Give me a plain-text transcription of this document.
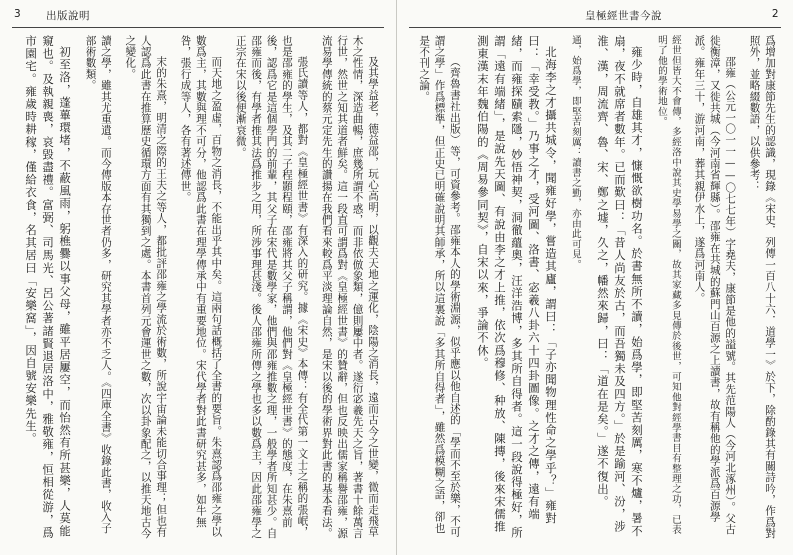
3 出版說明

及其學益老，德益邵，玩心高明，以觀夫天地之運化，陰陽之消長，遠而古今之世變，微而走飛草木之性情，深造曲暢，庶幾所謂不惑，而非依倣象類，億則屢中者。遂衍宓羲先天之旨，著書十餘萬言行世，然世之知其道者鮮矣。這一段直可謂爲對《皇極經世書》的贊辭，但也反映出儒家稱譽邵雍，源流易學傳統的蔡元定先生的讚揚在我們看來較爲平淡理論自然，是宋以後的學術界對此書的基本看法。

張氏讀等人，都對《皇極經世書》有深入的研究。據《宋史》本傳：有全代第一文士之稱的張岷，也是邵雍的學生，及其二子程顥程頤，邵雍將其父子稱謂，他們對《皇極經世書》的態度，在朱熹前後，認爲它是這個學門的前輩，其父子在宋代是數學家，他們與邵雍推數之理，一般學者所知甚少。自邵雍而後，有學者推其法爲推步之用，所涉事理甚淺。後人邵雍所傳之學也多以數爲主，因此邵雍學之正宗在宋以後便漸衰微。

而天地之盈虛，百物之消長，不能出乎其中矣。這兩句話概括了全書的要旨。朱熹認爲邵雍之學以數爲主，其數與理不可分，他認爲此書在理學傳承中有重要地位。宋代學者對此書研究甚多，如牛無咎，張行成等人，各有著述傳世。

末的朱熹，明清之際的王夫之等人，都批評邵雍之學流於術數，所說宇宙論未能切合事理；但也有人認爲此書在推算歷史循環方面有其獨到之處。本書首列元會運世之數，次以卦象配之，以推天地古今之變化。

讀之學，雖其尤重遺。而今傳版本存世者仍多，研究其學者亦不乏人。《四庫全書》收錄此書，收入子部術數類。

初至洛，蓬蓽環堵，不蔽風雨，躬樵爨以事父母，雖平居屢空，而怡然有所甚樂，人莫能窺也。及執親喪，哀毀盡禮。富弼、司馬光、呂公著諸賢退居洛中，雅敬雍，恒相從游，爲市園宅。雍歲時耕稼，僅給衣食，名其居曰「安樂窩」，因自號安樂先生。

皇極經世書今說	2

爲增加對康節先生的認識，現錄《宋史．列傳一百八十六．道學一》於下，除酌錄其有關詩吟，作爲對照外，並略綴數語，以供參考：

邵雍（公元一〇一一——〇七七年）字堯夫，康節是他的謚號。其先范陽人（今河北涿州）。父古徙衡漳，又徙共城（今河南省輝縣）。邵雍在共城的蘇門山百源之上讀書，故有稱他的學派爲百源學派。雍年三十，游河南，葬其親伊水上，遂爲河南人。

經世但皆大不會傳，多經洛中說其史學易學之關，故其家藏多見傳於後世，可知他對經學書目有整理之功，已表明了他的學術地位。

雍少時，自雄其才，慷慨欲樹功名。於書無所不讀，始爲學，即堅苦刻厲，寒不爐，暑不扇，夜不就席者數年。已而歎曰：「昔人尚友於古，而吾獨未及四方。」於是踰河、汾，涉淮、漢，周流齊、魯、宋、鄭之墟，久之，幡然來歸，曰：「道在是矣。」遂不復出。

通，始爲學，即堅苦刻厲：讀書之勤，亦由此可見。

北海李之才攝共城令，聞雍好學，嘗造其廬，謂曰：「子亦聞物理性命之學乎？」雍對曰：「幸受教。」乃事之才，受河圖、洛書、宓羲八卦六十四卦圖像。之才之傳，遠有端緒，而雍探賾索隱，妙悟神契，洞徹蘊奧，汪洋浩博，多其所自得者。這一段說得極好，所謂「遠有端緒」，是說先天圖、有說由李之才上推，依次爲穆修、种放、陳摶，後來宋儒推測東漢末年魏伯陽的《周易參同契》，自宋以來，爭論不休。

（齊魯書社出版）等，可資參考。邵雍本人的學術淵源，似乎應以他自述的「學而不至於樂，不可謂之學」作爲標準，但正史已明確說明其師承，所以這裏說「多其所自得者」，雖然爲模糊之語，卻也是不刊之論。
